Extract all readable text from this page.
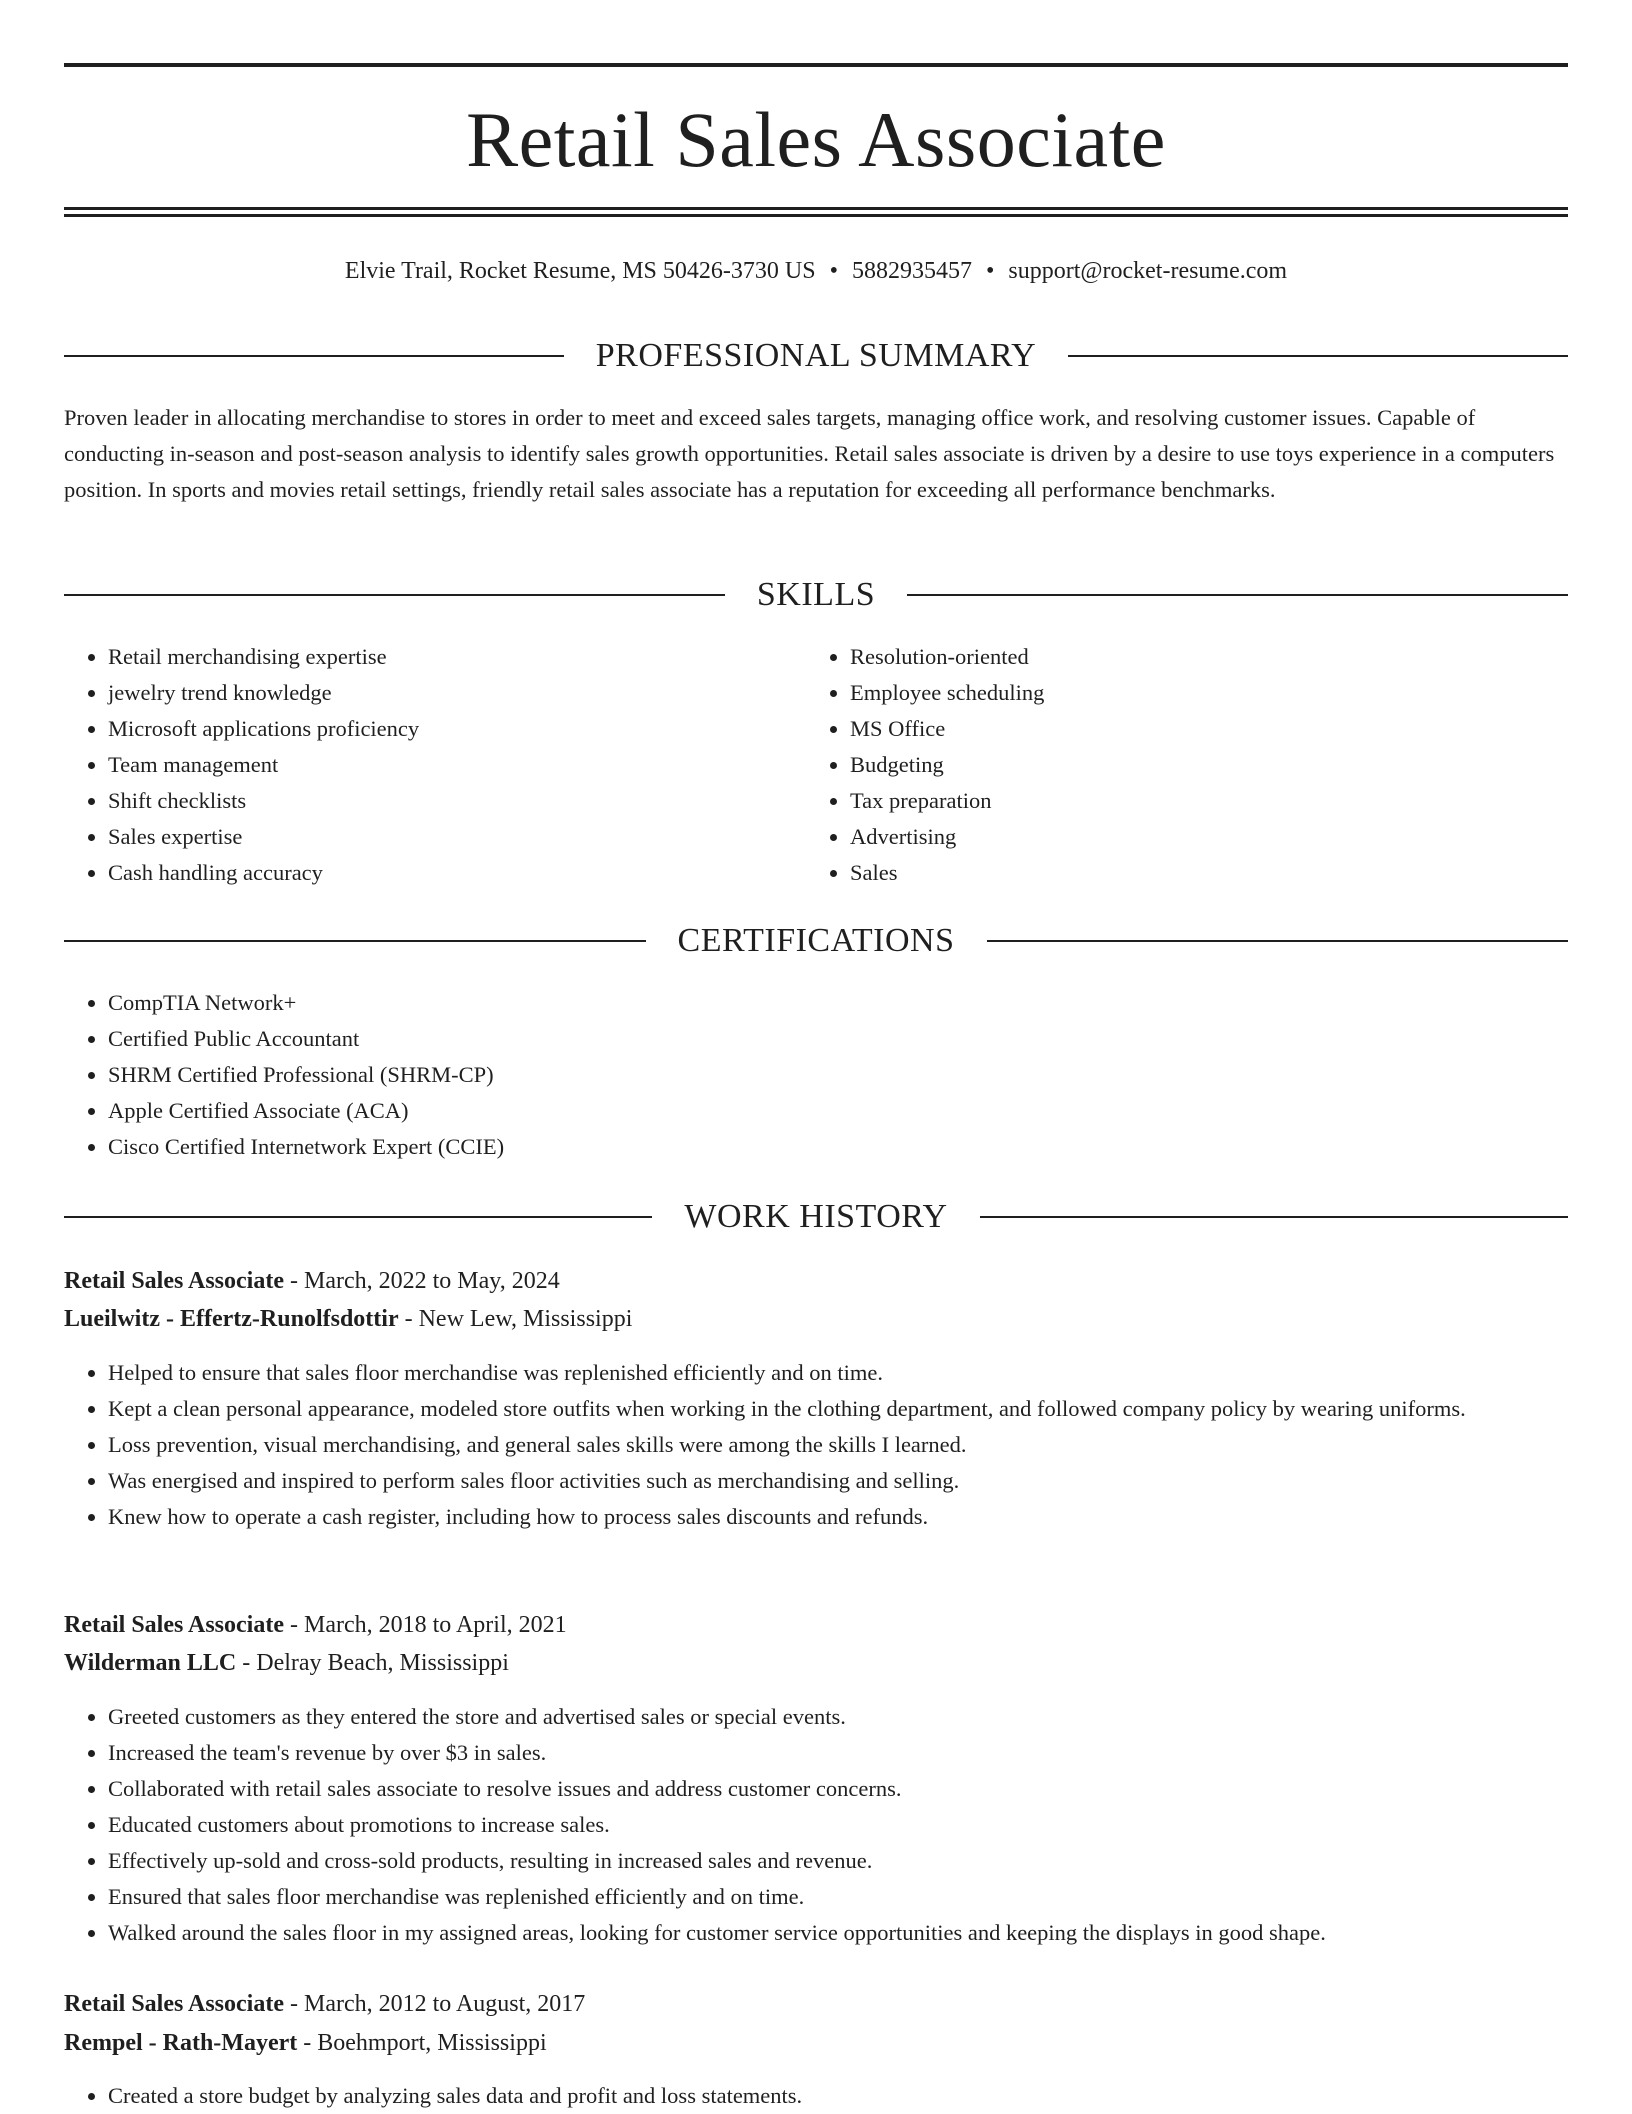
Retail Sales Associate
Elvie Trail, Rocket Resume, MS 50426-3730 US • 5882935457 • support@rocket-resume.com
PROFESSIONAL SUMMARY

Proven leader in allocating merchandise to stores in order to meet and exceed sales targets, managing office work, and resolving customer issues. Capable of conducting in-season and post-season analysis to identify sales growth opportunities. Retail sales associate is driven by a desire to use toys experience in a computers position. In sports and movies retail settings, friendly retail sales associate has a reputation for exceeding all performance benchmarks.

SKILLS
• Retail merchandising expertise
• jewelry trend knowledge
• Microsoft applications proficiency
• Team management
• Shift checklists
• Sales expertise
• Cash handling accuracy
• Resolution-oriented
• Employee scheduling
• MS Office
• Budgeting
• Tax preparation
• Advertising
• Sales
CERTIFICATIONS
• CompTIA Network+
• Certified Public Accountant
• SHRM Certified Professional (SHRM-CP)
• Apple Certified Associate (ACA)
• Cisco Certified Internetwork Expert (CCIE)
WORK HISTORY
Retail Sales Associate - March, 2022 to May, 2024
Lueilwitz - Effertz-Runolfsdottir - New Lew, Mississippi
• Helped to ensure that sales floor merchandise was replenished efficiently and on time.
• Kept a clean personal appearance, modeled store outfits when working in the clothing department, and followed company policy by wearing uniforms.
• Loss prevention, visual merchandising, and general sales skills were among the skills I learned.
• Was energised and inspired to perform sales floor activities such as merchandising and selling.
• Knew how to operate a cash register, including how to process sales discounts and refunds.
Retail Sales Associate - March, 2018 to April, 2021
Wilderman LLC - Delray Beach, Mississippi
• Greeted customers as they entered the store and advertised sales or special events.
• Increased the team's revenue by over $3 in sales.
• Collaborated with retail sales associate to resolve issues and address customer concerns.
• Educated customers about promotions to increase sales.
• Effectively up-sold and cross-sold products, resulting in increased sales and revenue.
• Ensured that sales floor merchandise was replenished efficiently and on time.
• Walked around the sales floor in my assigned areas, looking for customer service opportunities and keeping the displays in good shape.
Retail Sales Associate - March, 2012 to August, 2017
Rempel - Rath-Mayert - Boehmport, Mississippi
• Created a store budget by analyzing sales data and profit and loss statements.
